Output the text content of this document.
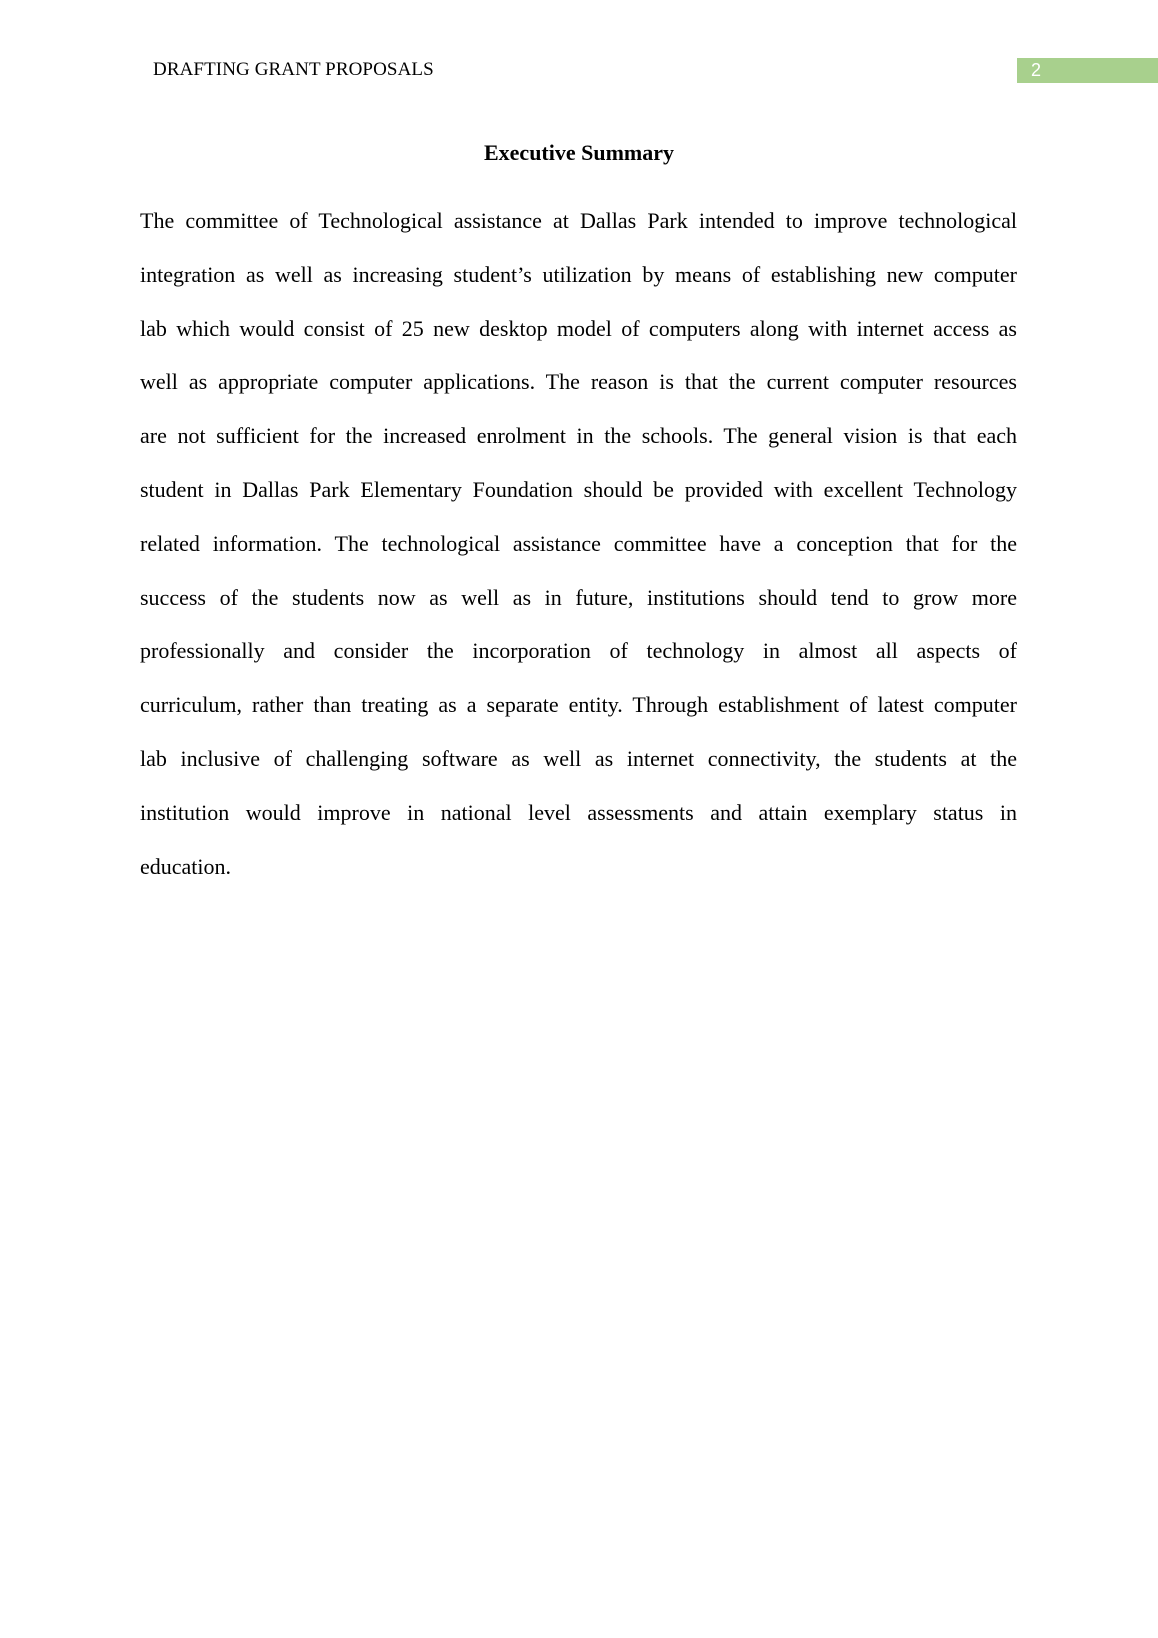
DRAFTING GRANT PROPOSALS	2
Executive Summary
The committee of Technological assistance at Dallas Park intended to improve technological
integration as well as increasing student’s utilization by means of establishing new computer
lab which would consist of 25 new desktop model of computers along with internet access as
well as appropriate computer applications. The reason is that the current computer resources
are not sufficient for the increased enrolment in the schools. The general vision is that each
student in Dallas Park Elementary Foundation should be provided with excellent Technology
related information. The technological assistance committee have a conception that for the
success of the students now as well as in future, institutions should tend to grow more
professionally and consider the incorporation of technology in almost all aspects of
curriculum, rather than treating as a separate entity. Through establishment of latest computer
lab inclusive of challenging software as well as internet connectivity, the students at the
institution would improve in national level assessments and attain exemplary status in
education.
